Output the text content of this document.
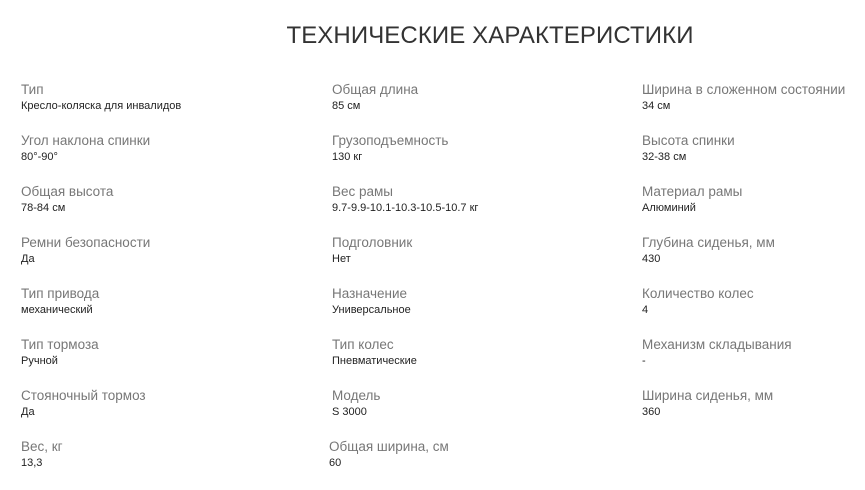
ТЕХНИЧЕСКИЕ ХАРАКТЕРИСТИКИ
Тип
Кресло-коляска для инвалидов
Угол наклона спинки
80°-90°
Общая высота
78-84 см
Ремни безопасности
Да
Тип привода
механический
Тип тормоза
Ручной
Стояночный тормоз
Да
Вес, кг
13,3
Общая длина
85 см
Грузоподъемность
130 кг
Вес рамы
9.7-9.9-10.1-10.3-10.5-10.7 кг
Подголовник
Нет
Назначение
Универсальное
Тип колес
Пневматические
Модель
S 3000
Общая ширина, см
60
Ширина в сложенном состоянии
34 см
Высота спинки
32-38 см
Материал рамы
Алюминий
Глубина сиденья, мм
430
Количество колес
4
Механизм складывания
-
Ширина сиденья, мм
360
